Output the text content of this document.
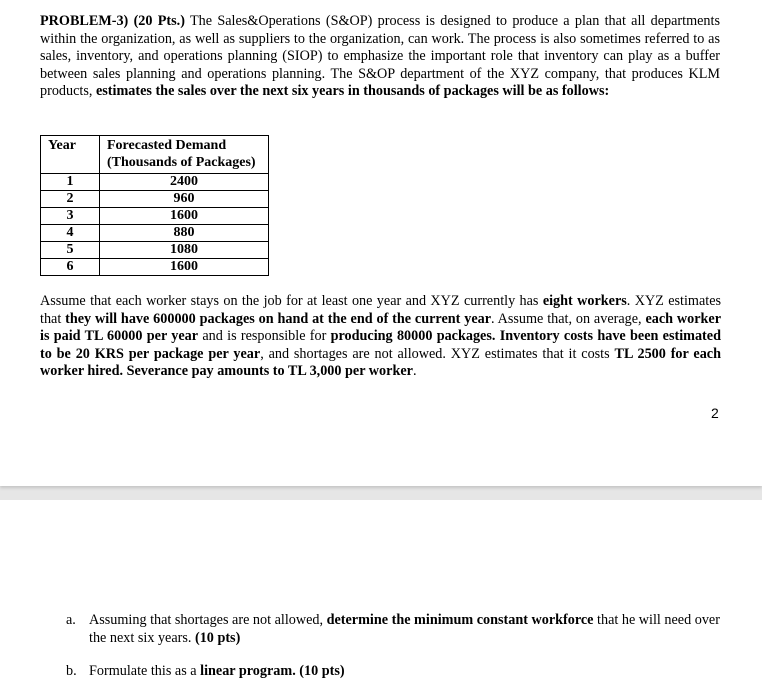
PROBLEM-3) (20 Pts.) The Sales&Operations (S&OP) process is designed to produce a plan that all departments within the organization, as well as suppliers to the organization, can work. The process is also sometimes referred to as sales, inventory, and operations planning (SIOP) to emphasize the important role that inventory can play as a buffer between sales planning and operations planning. The S&OP department of the XYZ company, that produces KLM products, estimates the sales over the next six years in thousands of packages will be as follows:
Year	Forecasted Demand
(Thousands of Packages)
1	2400
2	960
3	1600
4	880
5	1080
6	1600
Assume that each worker stays on the job for at least one year and XYZ currently has eight workers. XYZ estimates that they will have 600000 packages on hand at the end of the current year. Assume that, on average, each worker is paid TL 60000 per year and is responsible for producing 80000 packages. Inventory costs have been estimated to be 20 KRS per package per year, and shortages are not allowed. XYZ estimates that it costs TL 2500 for each worker hired. Severance pay amounts to TL 3,000 per worker.
2
a. Assuming that shortages are not allowed, determine the minimum constant workforce that he will need over the next six years. (10 pts)
b. Formulate this as a linear program. (10 pts)
